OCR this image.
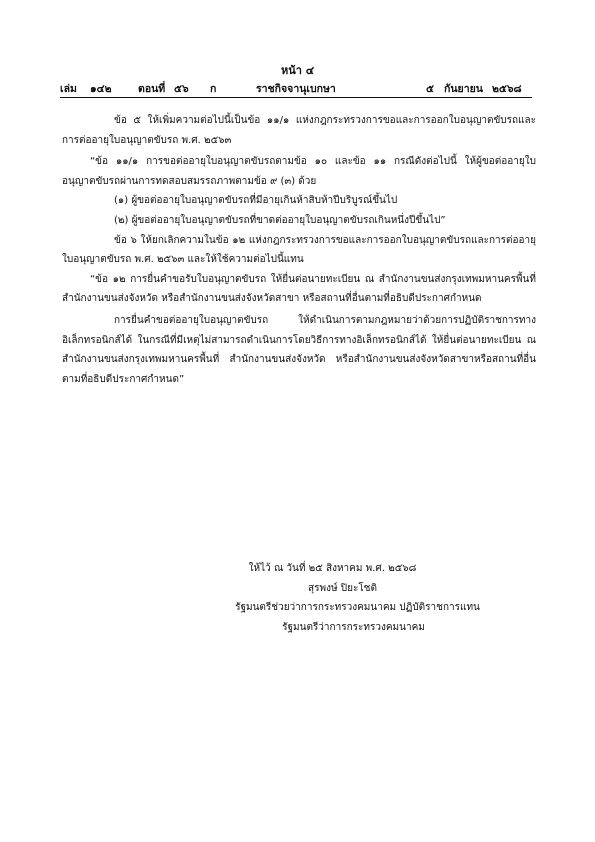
หน้า ๔
เล่ม ๑๔๒	ตอนที่ ๕๖ ก	ราชกิจจานุเบกษา	๕ กันยายน ๒๕๖๘

ข้อ ๕ ให้เพิ่มความต่อไปนี้เป็นข้อ ๑๑/๑ แห่งกฎกระทรวงการขอและการออกใบอนุญาตขับรถและการต่ออายุใบอนุญาตขับรถ พ.ศ. ๒๕๖๓

“ข้อ ๑๑/๑ การขอต่ออายุใบอนุญาตขับรถตามข้อ ๑๐ และข้อ ๑๑ กรณีดังต่อไปนี้ ให้ผู้ขอต่ออายุใบอนุญาตขับรถผ่านการทดสอบสมรรถภาพตามข้อ ๙ (๓) ด้วย

(๑) ผู้ขอต่ออายุใบอนุญาตขับรถที่มีอายุเกินห้าสิบห้าปีบริบูรณ์ขึ้นไป

(๒) ผู้ขอต่ออายุใบอนุญาตขับรถที่ขาดต่ออายุใบอนุญาตขับรถเกินหนึ่งปีขึ้นไป”

ข้อ ๖ ให้ยกเลิกความในข้อ ๑๒ แห่งกฎกระทรวงการขอและการออกใบอนุญาตขับรถและการต่ออายุใบอนุญาตขับรถ พ.ศ. ๒๕๖๓ และให้ใช้ความต่อไปนี้แทน

“ข้อ ๑๒ การยื่นคำขอรับใบอนุญาตขับรถ ให้ยื่นต่อนายทะเบียน ณ สำนักงานขนส่งกรุงเทพมหานครพื้นที่ สำนักงานขนส่งจังหวัด หรือสำนักงานขนส่งจังหวัดสาขา หรือสถานที่อื่นตามที่อธิบดีประกาศกำหนด

การยื่นคำขอต่ออายุใบอนุญาตขับรถ ให้ดำเนินการตามกฎหมายว่าด้วยการปฏิบัติราชการทางอิเล็กทรอนิกส์ได้ ในกรณีที่มีเหตุไม่สามารถดำเนินการโดยวิธีการทางอิเล็กทรอนิกส์ได้ ให้ยื่นต่อนายทะเบียน ณ สำนักงานขนส่งกรุงเทพมหานครพื้นที่ สำนักงานขนส่งจังหวัด หรือสำนักงานขนส่งจังหวัดสาขาหรือสถานที่อื่นตามที่อธิบดีประกาศกำหนด”

ให้ไว้ ณ วันที่ ๒๕ สิงหาคม พ.ศ. ๒๕๖๘

สุรพงษ์ ปิยะโชติ

รัฐมนตรีช่วยว่าการกระทรวงคมนาคม ปฏิบัติราชการแทน

รัฐมนตรีว่าการกระทรวงคมนาคม
